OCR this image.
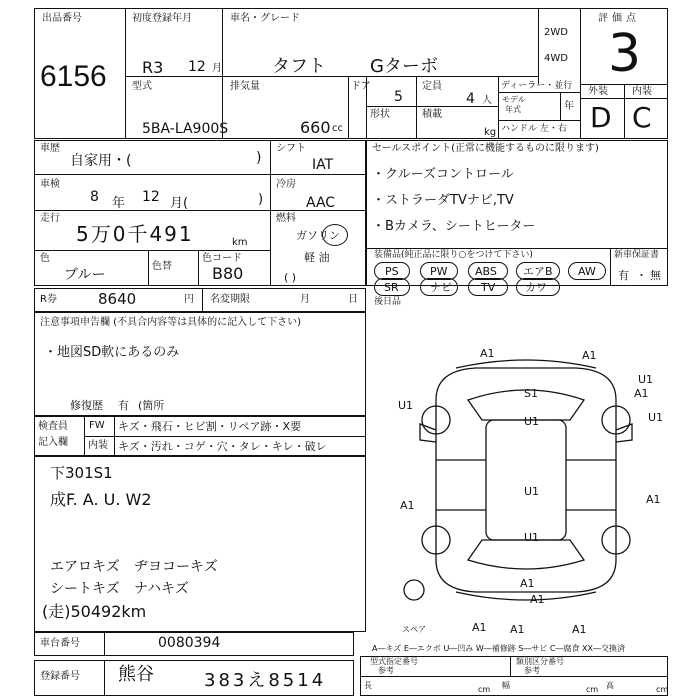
出品番号
6156
初度登録年月
R3 12 月
車名・グレード
タフト Gターボ
2WD
4WD
評価点
3
型式
5BA-LA900S
排気量
660 cc
ドア
5
定員
4 人
形状	積載
kg
ディーラー・並行
モデル
年式	年
ハンドル 左・右
外装 内装
D C
車歴
自家用・(	)
シフト
IAT
車検
8 年 12 月(	)
冷房
AAC
走行
5万0千491	km
燃料
ガソリン
軽 油
( )
色
ブルー
色替
色コード
B80
セールスポイント(正常に機能するものに限ります)
・クルーズコントロール
・ストラーダTVナビ,TV
・Bカメラ、シートヒーター
装備品(純正品に限り○をつけて下さい)	新車保証書
有 無
・
PS	PW ABS エアB AW
SR	ナビ	TV	カワ
R券	8640	円 名変期限	月	日 後日品
注意事項申告欄 (不具合内容等は具体的に記入して下さい)
・地図SD軟にあるのみ
修復歴 有 (箇所
検査員
記入欄
FW キズ・飛石・ヒビ割・リペア跡・X要
内装 キズ・汚れ・コゲ・穴・タレ・キレ・破レ
下301S1
成F. A. U. W2
エアロキズ ヂヨコーキズ
シートキズ ナハキズ
(走)50492km
A1	A1
U1
A1
U1
S1
U1
U1
A1
U1
U1
A1
A1
A1
A1	A1
A1
スペア
A―キズ E―エクボ U―凹み W―補修跡 S―サビ C―腐食 XX―交換済
車台番号	0080394
登録番号 熊谷	383え8514
型式指定番号
参考
類別区分番号
参考
長	cm 幅	cm 高	cm
